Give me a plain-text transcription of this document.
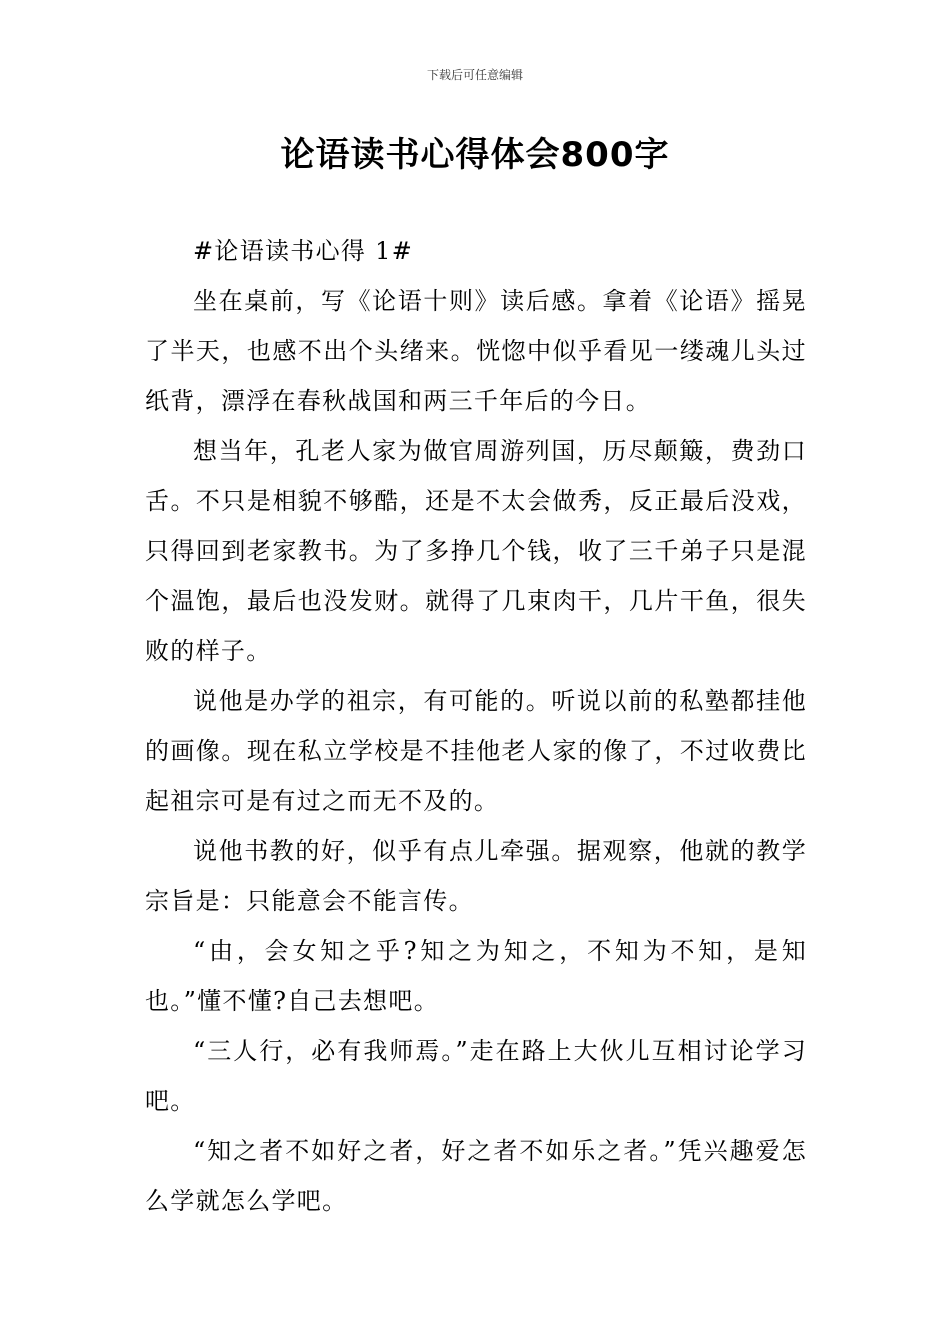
下载后可任意编辑
论语读书心得体会800字

#论语读书心得 1#

坐在桌前，写《论语十则》读后感。拿着《论语》摇晃了半天，也感不出个头绪来。恍惚中似乎看见一缕魂儿头过纸背，漂浮在春秋战国和两三千年后的今日。

想当年，孔老人家为做官周游列国，历尽颠簸，费劲口舌。不只是相貌不够酷，还是不太会做秀，反正最后没戏，只得回到老家教书。为了多挣几个钱，收了三千弟子只是混个温饱，最后也没发财。就得了几束肉干，几片干鱼，很失败的样子。

说他是办学的祖宗，有可能的。听说以前的私塾都挂他的画像。现在私立学校是不挂他老人家的像了，不过收费比起祖宗可是有过之而无不及的。

说他书教的好，似乎有点儿牵强。据观察，他就的教学宗旨是：只能意会不能言传。

“由，会女知之乎?知之为知之，不知为不知，是知也。”懂不懂?自己去想吧。

“三人行，必有我师焉。”走在路上大伙儿互相讨论学习吧。

“知之者不如好之者，好之者不如乐之者。”凭兴趣爱怎么学就怎么学吧。
